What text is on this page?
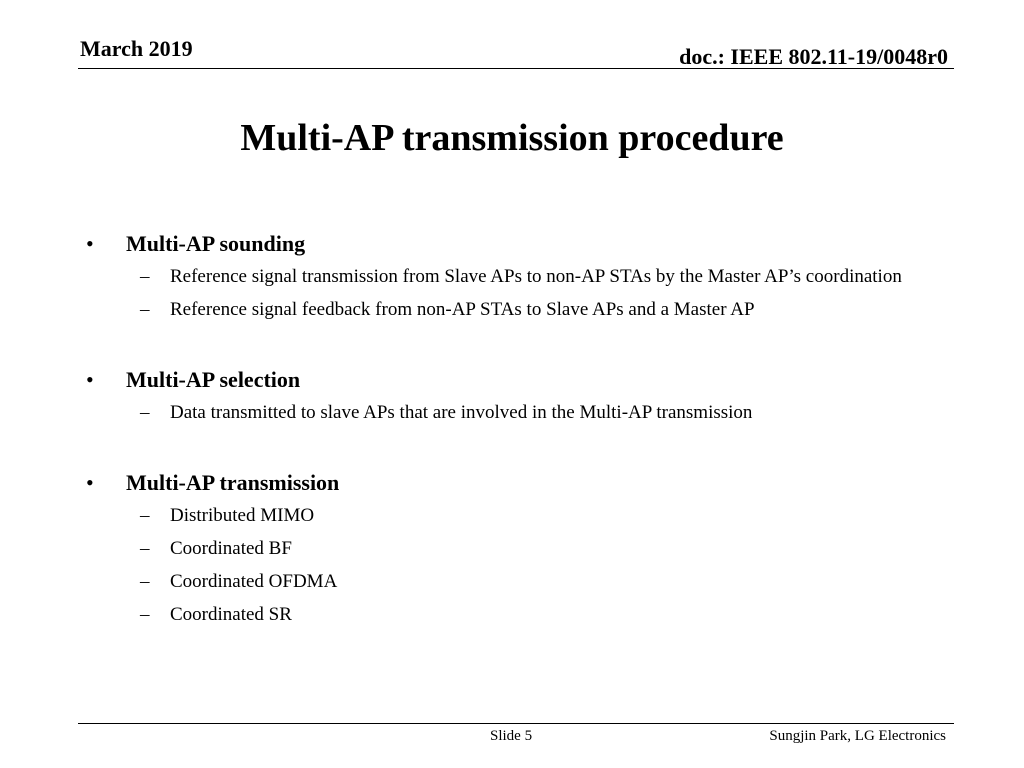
March 2019	doc.: IEEE 802.11-19/0048r0
Multi-AP transmission procedure
•	Multi-AP sounding
– Reference signal transmission from Slave APs to non-AP STAs by the Master AP’s coordination
– Reference signal feedback from non-AP STAs to Slave APs and a Master AP
•	Multi-AP selection
– Data transmitted to slave APs that are involved in the Multi-AP transmission
•	Multi-AP transmission
– Distributed MIMO
– Coordinated BF
– Coordinated OFDMA
– Coordinated SR
Slide 5	Sungjin Park, LG Electronics
